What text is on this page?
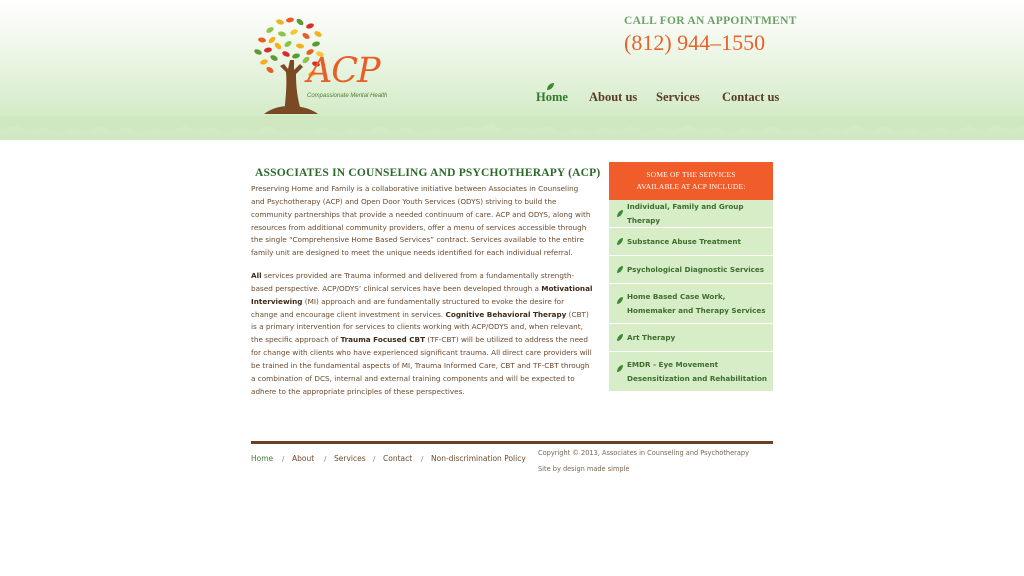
ACP
Compassionate Mental Health
CALL FOR AN APPOINTMENT
(812) 944–1550
Home About us Services Contact us
ASSOCIATES IN COUNSELING AND PSYCHOTHERAPY (ACP)

Preserving Home and Family is a collaborative initiative between Associates in Counseling and Psychotherapy (ACP) and Open Door Youth Services (ODYS) striving to build the community partnerships that provide a needed continuum of care. ACP and ODYS, along with resources from additional community providers, offer a menu of services accessible through the single “Comprehensive Home Based Services” contract. Services available to the entire family unit are designed to meet the unique needs identified for each individual referral.

All services provided are Trauma informed and delivered from a fundamentally strength-based perspective. ACP/ODYS’ clinical services have been developed through a Motivational Interviewing (MI) approach and are fundamentally structured to evoke the desire for change and encourage client investment in services. Cognitive Behavioral Therapy (CBT) is a primary intervention for services to clients working with ACP/ODYS and, when relevant, the specific approach of Trauma Focused CBT (TF-CBT) will be utilized to address the need for change with clients who have experienced significant trauma. All direct care providers will be trained in the fundamental aspects of MI, Trauma Informed Care, CBT and TF-CBT through a combination of DCS, internal and external training components and will be expected to adhere to the appropriate principles of these perspectives.

SOME OF THE SERVICES
AVAILABLE AT ACP INCLUDE:
Individual, Family and Group Therapy
Substance Abuse Treatment
Psychological Diagnostic Services
Home Based Case Work, Homemaker and Therapy Services
Art Therapy
EMDR - Eye Movement Desensitization and Rehabilitation
Home / About / Services / Contact / Non-discrimination Policy
Copyright © 2013, Associates in Counseling and Psychotherapy
Site by design made simple
